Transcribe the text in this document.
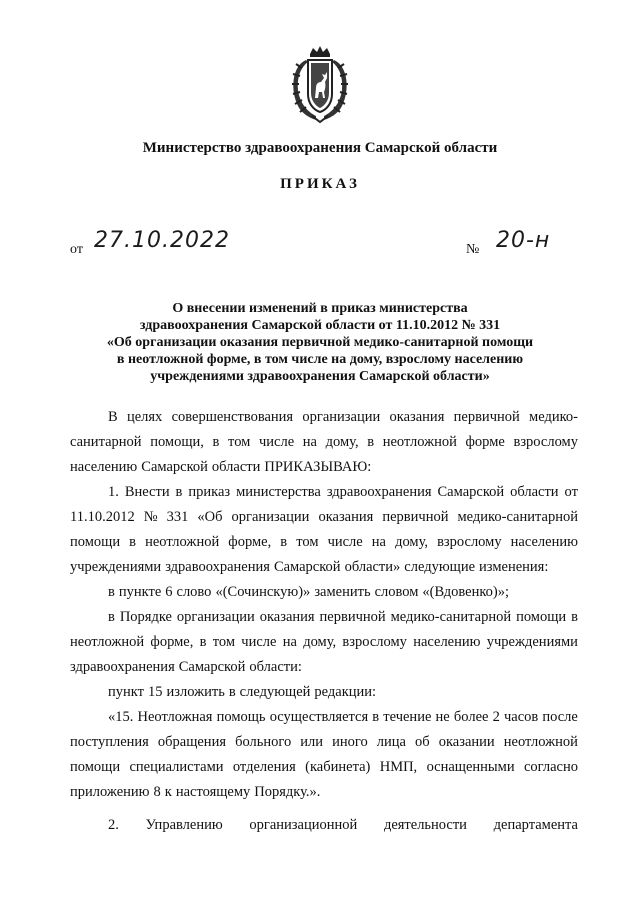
Министерство здравоохранения Самарской области
ПРИКАЗ
от 27.10.2022	№ 20-н
О внесении изменений в приказ министерства
здравоохранения Самарской области от 11.10.2012 № 331
«Об организации оказания первичной медико-санитарной помощи
в неотложной форме, в том числе на дому, взрослому населению
учреждениями здравоохранения Самарской области»
В целях совершенствования организации оказания первичной медико-
санитарной помощи, в том числе на дому, в неотложной форме взрослому
населению Самарской области ПРИКАЗЫВАЮ:
1. Внести в приказ министерства здравоохранения Самарской области от
11.10.2012 № 331 «Об организации оказания первичной медико-санитарной
помощи в неотложной форме, в том числе на дому, взрослому населению
учреждениями здравоохранения Самарской области» следующие изменения:
в пункте 6 слово «(Сочинскую)» заменить словом «(Вдовенко)»;
в Порядке организации оказания первичной медико-санитарной помощи в
неотложной форме, в том числе на дому, взрослому населению учреждениями
здравоохранения Самарской области:
пункт 15 изложить в следующей редакции:
«15. Неотложная помощь осуществляется в течение не более 2 часов после
поступления обращения больного или иного лица об оказании неотложной
помощи специалистами отделения (кабинета) НМП, оснащенными согласно
приложению 8 к настоящему Порядку.».
2. Управлению организационной деятельности департамента
